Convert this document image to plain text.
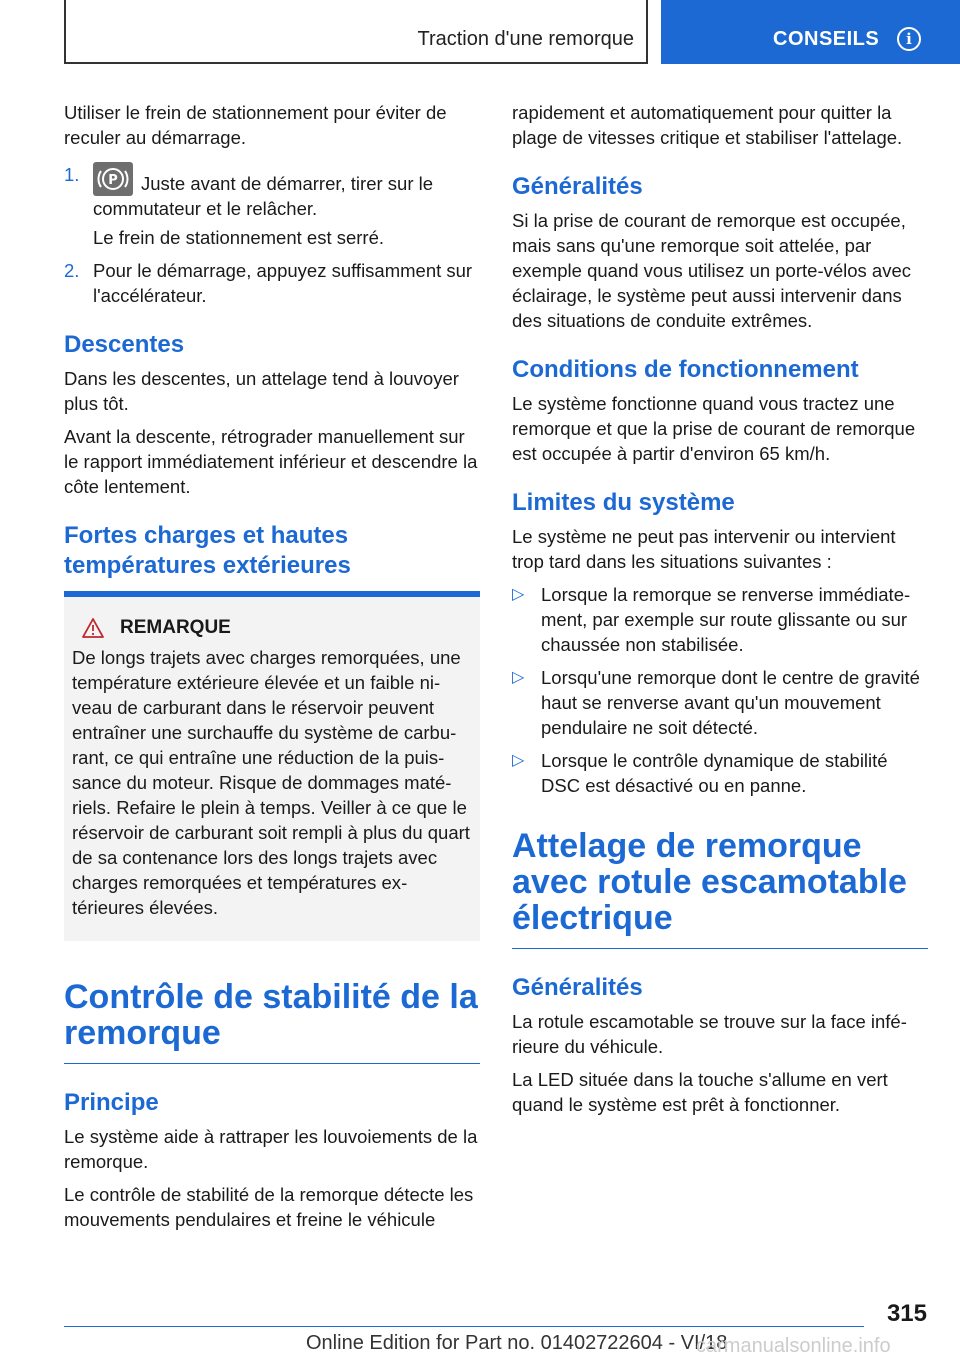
Traction d'une remorque	CONSEILS	i

Utiliser le frein de stationnement pour éviter de reculer au démarrage.

1. P Juste avant de démarrer, tirer sur le commutateur et le relâcher.

Le frein de stationnement est serré.

2. Pour le démarrage, appuyez suffisamment sur l'accélérateur.
Descentes

Dans les descentes, un attelage tend à louvoyer plus tôt.

Avant la descente, rétrograder manuellement sur le rapport immédiatement inférieur et descendre la côte lentement.

Fortes charges et hautes températures extérieures
REMARQUE

De longs trajets avec charges remorquées, une température extérieure élevée et un faible niveau de carburant dans le réservoir peuvent entraîner une surchauffe du système de carburant, ce qui entraîne une réduction de la puissance du moteur. Risque de dommages matériels. Refaire le plein à temps. Veiller à ce que le réservoir de carburant soit rempli à plus du quart de sa contenance lors des longs trajets avec charges remorquées et températures extérieures élevées.

Contrôle de stabilité de la remorque
Principe

Le système aide à rattraper les louvoiements de la remorque.

Le contrôle de stabilité de la remorque détecte les mouvements pendulaires et freine le véhicule

rapidement et automatiquement pour quitter la plage de vitesses critique et stabiliser l'attelage.

Généralités

Si la prise de courant de remorque est occupée, mais sans qu'une remorque soit attelée, par exemple quand vous utilisez un porte-vélos avec éclairage, le système peut aussi intervenir dans des situations de conduite extrêmes.

Conditions de fonctionnement

Le système fonctionne quand vous tractez une remorque et que la prise de courant de remorque est occupée à partir d'environ 65 km/h.

Limites du système

Le système ne peut pas intervenir ou intervient trop tard dans les situations suivantes :

▷ Lorsque la remorque se renverse immédiatement, par exemple sur route glissante ou sur chaussée non stabilisée.
▷ Lorsqu'une remorque dont le centre de gravité haut se renverse avant qu'un mouvement pendulaire ne soit détecté.
▷ Lorsque le contrôle dynamique de stabilité DSC est désactivé ou en panne.
Attelage de remorque avec rotule escamotable électrique
Généralités

La rotule escamotable se trouve sur la face inférieure du véhicule.

La LED située dans la touche s'allume en vert quand le système est prêt à fonctionner.

315
Online Edition for Part no. 01402722604 - VI/18
carmanualsonline.info
